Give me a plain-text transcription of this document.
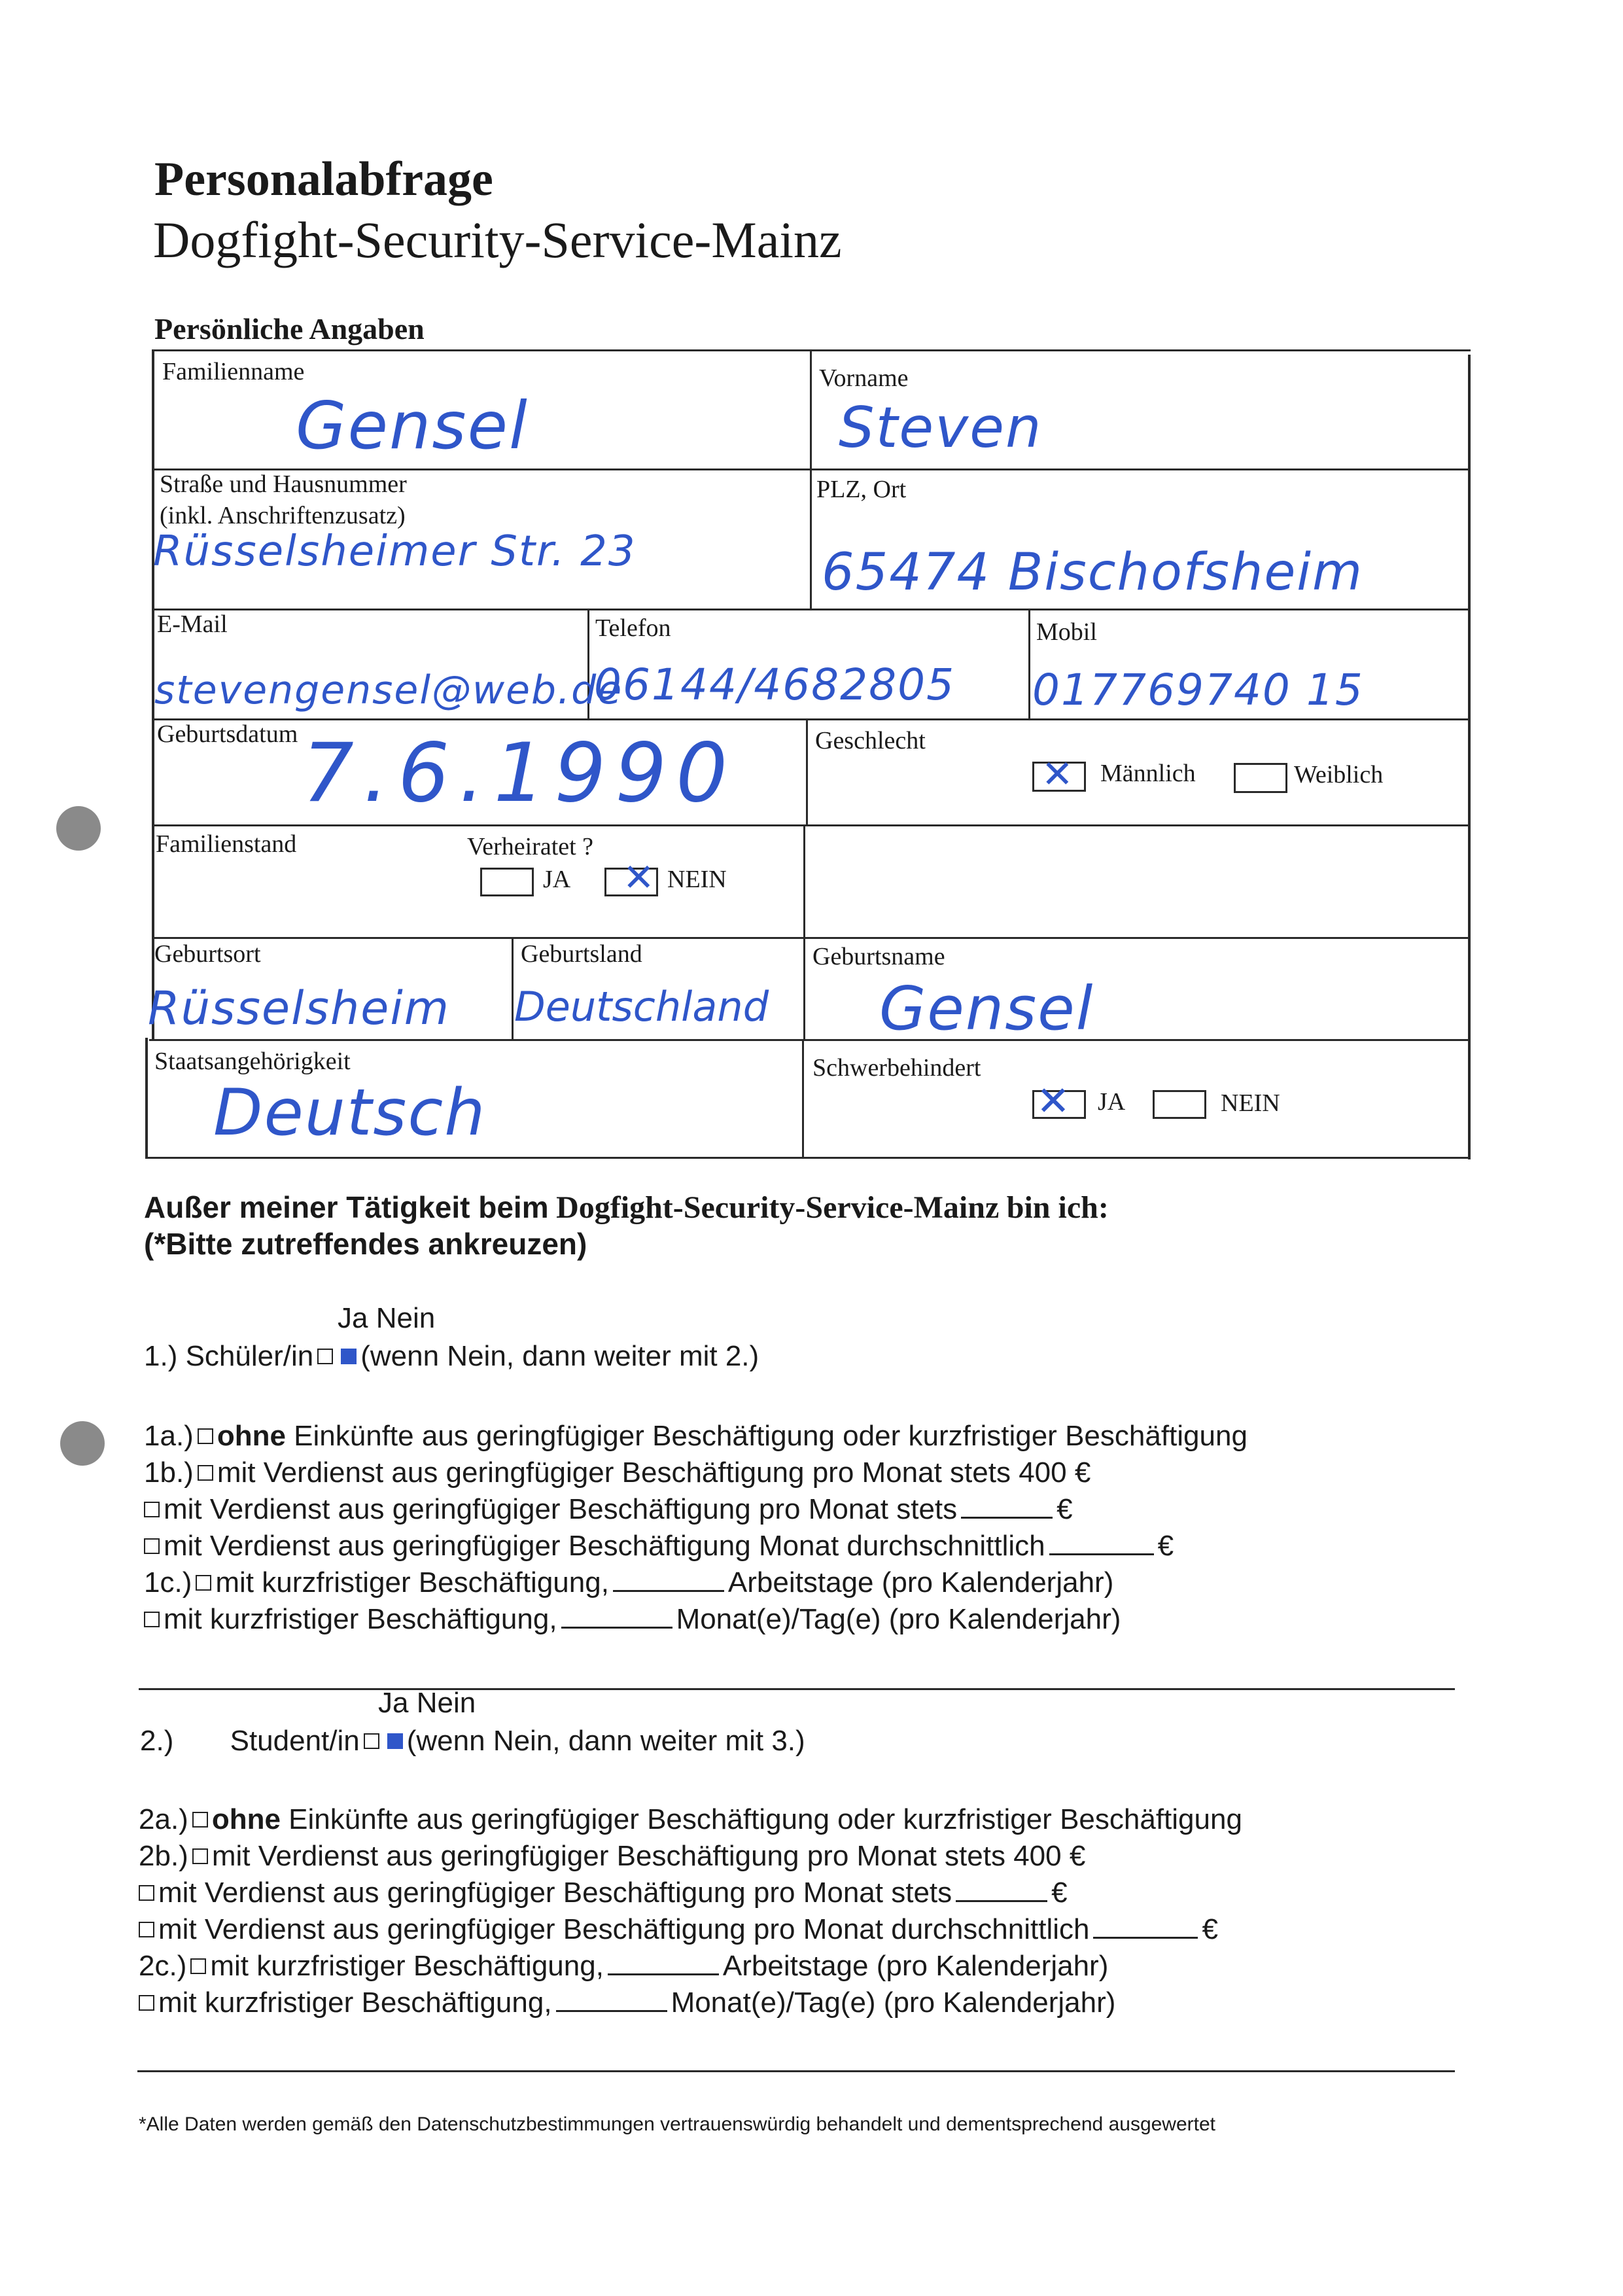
Personalabfrage
Dogfight-Security-Service-Mainz
Persönliche Angaben
Familienname
Gensel
Vorname
Steven
Straße und Hausnummer
(inkl. Anschriftenzusatz)
Rüsselsheimer Str. 23
PLZ, Ort
65474 Bischofsheim
E-Mail
stevengensel@web.de
Telefon
06144/4682805
Mobil
017769740 15
Geburtsdatum 7.6.1990	Geschlecht
✕ Männlich	Weiblich
Familienstand	Verheiratet ?
JA ✕ NEIN
Geburtsort
Rüsselsheim
Geburtsland
Deutschland
Geburtsname
Gensel
Staatsangehörigkeit
Deutsch
Schwerbehindert
✕ JA	NEIN
Außer meiner Tätigkeit beim Dogfight-Security-Service-Mainz bin ich:
(*Bitte zutreffendes ankreuzen)
Ja Nein
1.) Schüler/in (wenn Nein, dann weiter mit 2.)
1a.) ohne Einkünfte aus geringfügiger Beschäftigung oder kurzfristiger Beschäftigung
1b.) mit Verdienst aus geringfügiger Beschäftigung pro Monat stets 400 €
mit Verdienst aus geringfügiger Beschäftigung pro Monat stets	€
mit Verdienst aus geringfügiger Beschäftigung Monat durchschnittlich	€
1c.) mit kurzfristiger Beschäftigung,	Arbeitstage (pro Kalenderjahr)
mit kurzfristiger Beschäftigung,	Monat(e)/Tag(e) (pro Kalenderjahr)
Ja Nein
2.) Student/in (wenn Nein, dann weiter mit 3.)
2a.) ohne Einkünfte aus geringfügiger Beschäftigung oder kurzfristiger Beschäftigung
2b.) mit Verdienst aus geringfügiger Beschäftigung pro Monat stets 400 €
mit Verdienst aus geringfügiger Beschäftigung pro Monat stets	€
mit Verdienst aus geringfügiger Beschäftigung pro Monat durchschnittlich	€
2c.) mit kurzfristiger Beschäftigung,	Arbeitstage (pro Kalenderjahr)
mit kurzfristiger Beschäftigung,	Monat(e)/Tag(e) (pro Kalenderjahr)
*Alle Daten werden gemäß den Datenschutzbestimmungen vertrauenswürdig behandelt und dementsprechend ausgewertet
